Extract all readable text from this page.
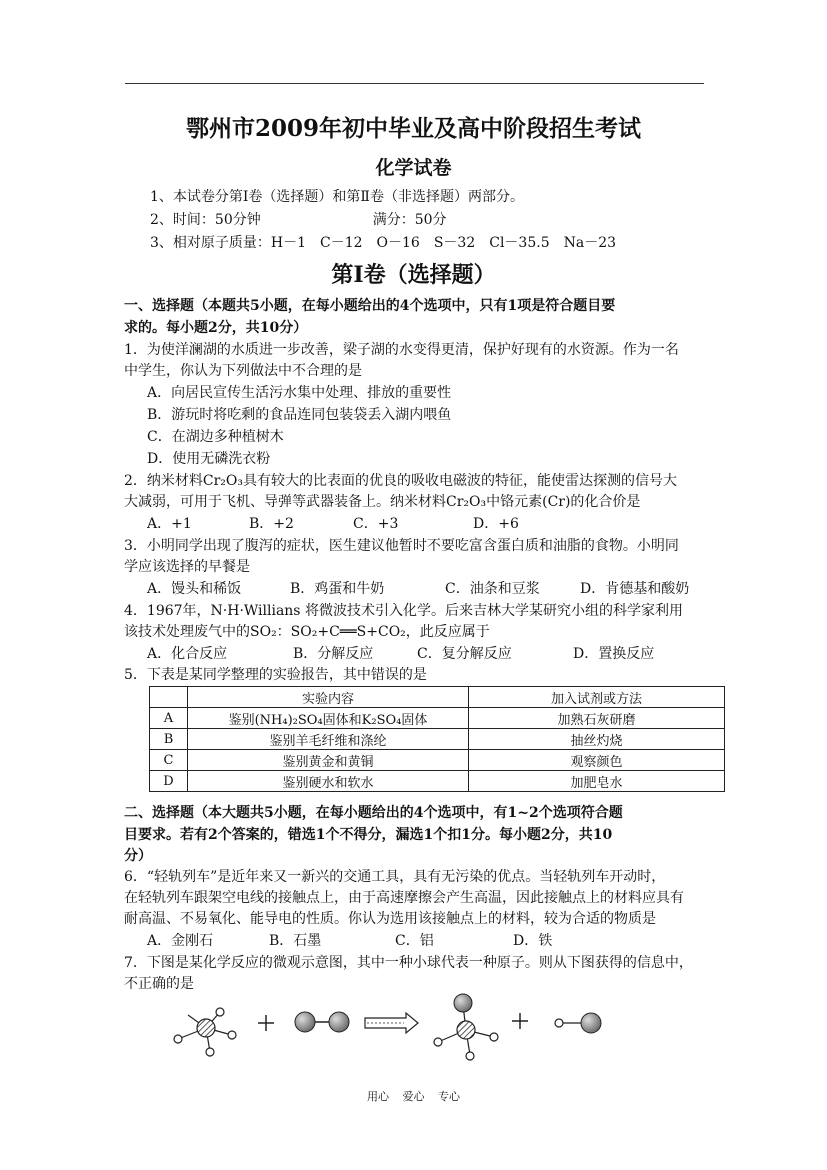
鄂州市2009年初中毕业及高中阶段招生考试
化学试卷
1、本试卷分第Ⅰ卷（选择题）和第Ⅱ卷（非选择题）两部分。
2、时间：50分钟　　　　　　　　满分：50分
3、相对原子质量：H－1　C－12　O－16　S－32　Cl－35.5　Na－23
第Ⅰ卷（选择题）
一、选择题（本题共5小题，在每小题给出的4个选项中，只有1项是符合题目要
求的。每小题2分，共10分）
1．为使洋澜湖的水质进一步改善，梁子湖的水变得更清，保护好现有的水资源。作为一名
中学生，你认为下列做法中不合理的是
A．向居民宣传生活污水集中处理、排放的重要性
B．游玩时将吃剩的食品连同包装袋丢入湖内喂鱼
C．在湖边多种植树木
D．使用无磷洗衣粉
2．纳米材料Cr₂O₃具有较大的比表面的优良的吸收电磁波的特征，能使雷达探测的信号大
大减弱，可用于飞机、导弹等武器装备上。纳米材料Cr₂O₃中铬元素(Cr)的化合价是
A．+1	B．+2	C．+3	D．+6
3．小明同学出现了腹泻的症状，医生建议他暂时不要吃富含蛋白质和油脂的食物。小明同
学应该选择的早餐是
A．馒头和稀饭	B．鸡蛋和牛奶	C．油条和豆浆	D．肯德基和酸奶
4．1967年，N·H·Willians 将微波技术引入化学。后来吉林大学某研究小组的科学家利用
该技术处理废气中的SO₂：SO₂+C══S+CO₂，此反应属于
A．化合反应	B．分解反应	C．复分解反应	D．置换反应
5．下表是某同学整理的实验报告，其中错误的是
	实验内容	加入试剂或方法
A	鉴别(NH₄)₂SO₄固体和K₂SO₄固体	加熟石灰研磨
B	鉴别羊毛纤维和涤纶	抽丝灼烧
C	鉴别黄金和黄铜	观察颜色
D	鉴别硬水和软水	加肥皂水
二、选择题（本大题共5小题，在每小题给出的4个选项中，有1~2个选项符合题
目要求。若有2个答案的，错选1个不得分，漏选1个扣1分。每小题2分，共10
分）
6．“轻轨列车”是近年来又一新兴的交通工具，具有无污染的优点。当轻轨列车开动时，
在轻轨列车跟架空电线的接触点上，由于高速摩擦会产生高温，因此接触点上的材料应具有
耐高温、不易氧化、能导电的性质。你认为选用该接触点上的材料，较为合适的物质是
A．金刚石	B．石墨	C．铝	D．铁
7．下图是某化学反应的微观示意图，其中一种小球代表一种原子。则从下图获得的信息中，
不正确的是
用心 爱心 专心
